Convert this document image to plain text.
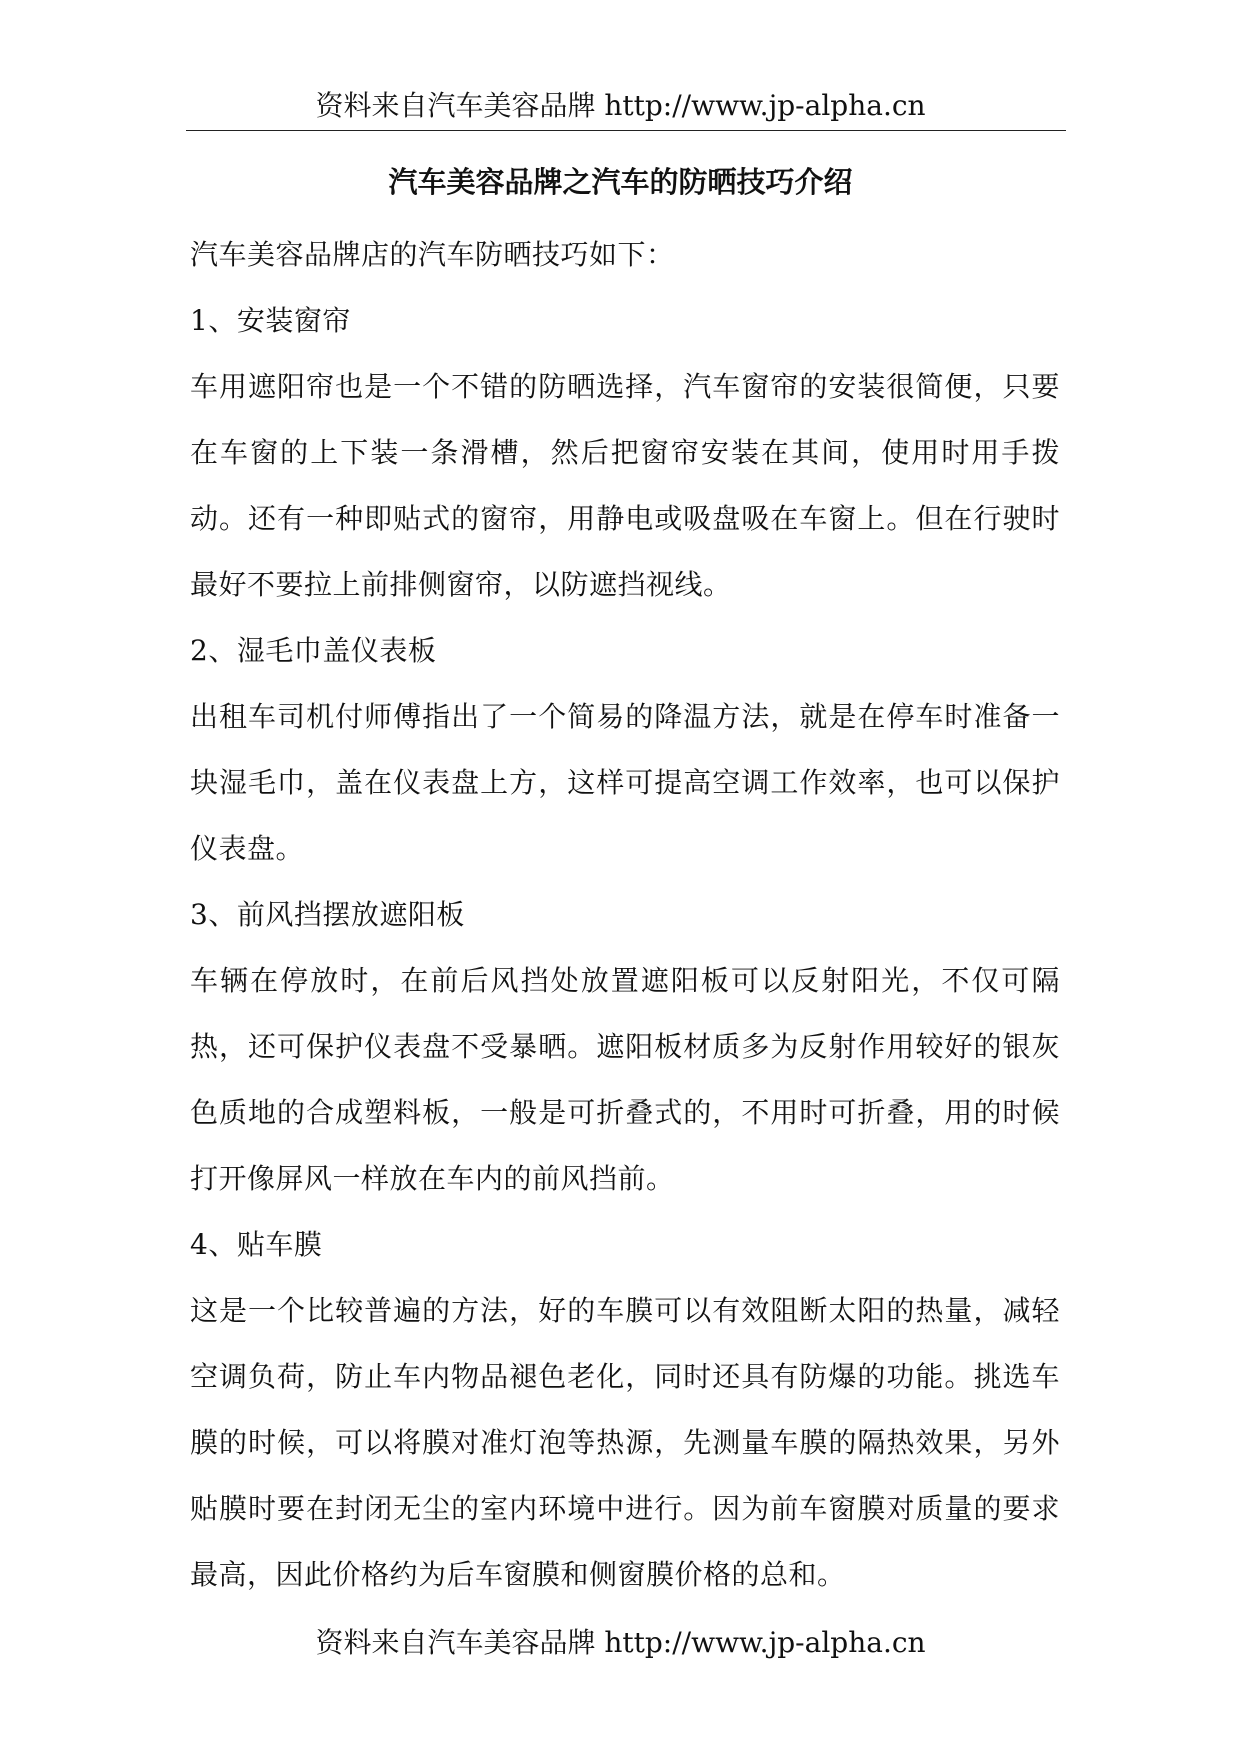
资料来自汽车美容品牌 http://www.jp-alpha.cn
汽车美容品牌之汽车的防晒技巧介绍

汽车美容品牌店的汽车防晒技巧如下：

1、安装窗帘

车用遮阳帘也是一个不错的防晒选择，汽车窗帘的安装很简便，只要在车窗的上下装一条滑槽，然后把窗帘安装在其间，使用时用手拨动。还有一种即贴式的窗帘，用静电或吸盘吸在车窗上。但在行驶时最好不要拉上前排侧窗帘，以防遮挡视线。

2、湿毛巾盖仪表板

出租车司机付师傅指出了一个简易的降温方法，就是在停车时准备一块湿毛巾，盖在仪表盘上方，这样可提高空调工作效率，也可以保护仪表盘。

3、前风挡摆放遮阳板

车辆在停放时，在前后风挡处放置遮阳板可以反射阳光，不仅可隔热，还可保护仪表盘不受暴晒。遮阳板材质多为反射作用较好的银灰色质地的合成塑料板，一般是可折叠式的，不用时可折叠，用的时候打开像屏风一样放在车内的前风挡前。

4、贴车膜

这是一个比较普遍的方法，好的车膜可以有效阻断太阳的热量，减轻空调负荷，防止车内物品褪色老化，同时还具有防爆的功能。挑选车膜的时候，可以将膜对准灯泡等热源，先测量车膜的隔热效果，另外贴膜时要在封闭无尘的室内环境中进行。因为前车窗膜对质量的要求最高，因此价格约为后车窗膜和侧窗膜价格的总和。

资料来自汽车美容品牌 http://www.jp-alpha.cn
